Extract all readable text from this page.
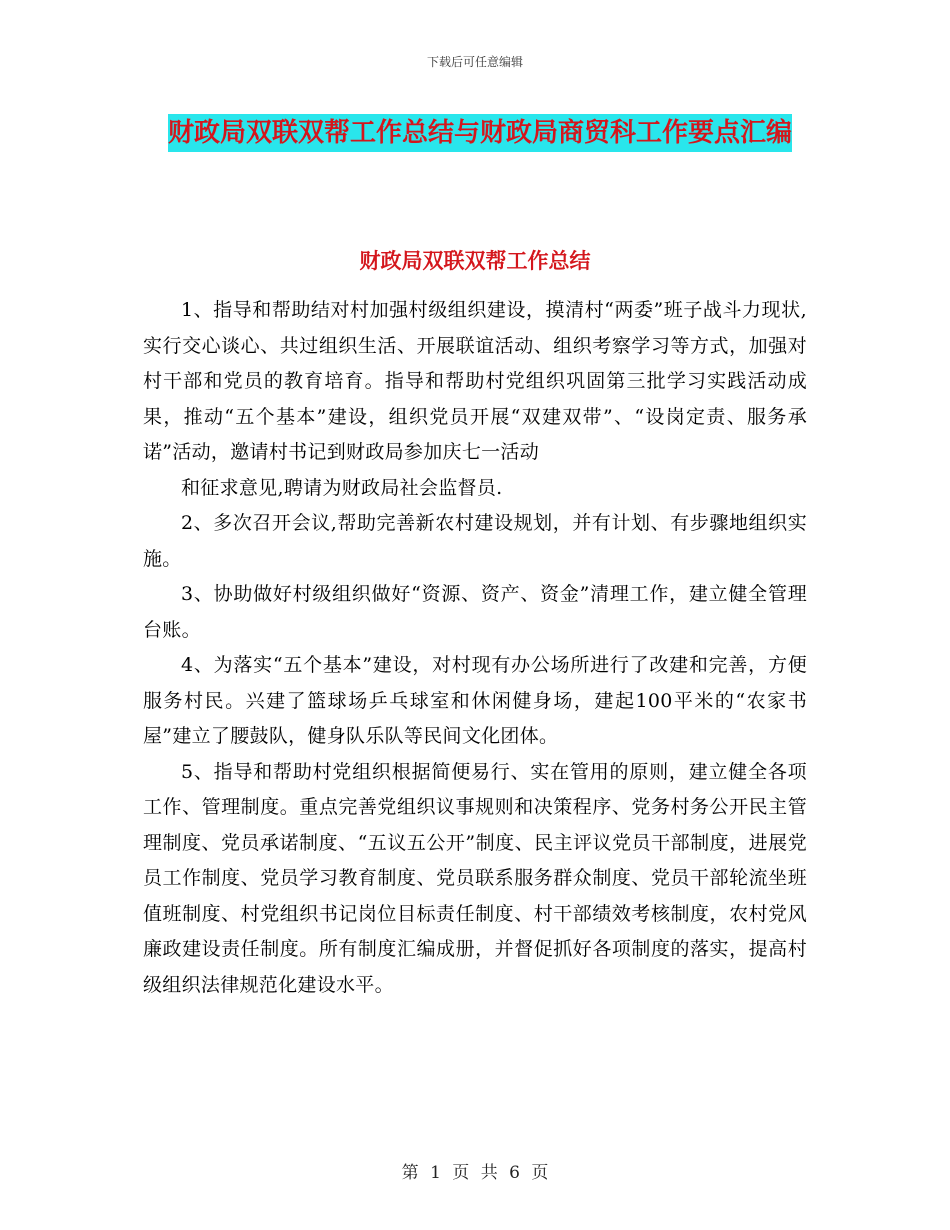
下载后可任意编辑
财政局双联双帮工作总结与财政局商贸科工作要点汇编
财政局双联双帮工作总结

1、指导和帮助结对村加强村级组织建设，摸清村“两委”班子战斗力现状,实行交心谈心、共过组织生活、开展联谊活动、组织考察学习等方式，加强对村干部和党员的教育培育。指导和帮助村党组织巩固第三批学习实践活动成果，推动“五个基本”建设，组织党员开展“双建双带”、“设岗定责、服务承诺”活动，邀请村书记到财政局参加庆七一活动

和征求意见,聘请为财政局社会监督员.

2、多次召开会议,帮助完善新农村建设规划，并有计划、有步骤地组织实施。

3、协助做好村级组织做好“资源、资产、资金”清理工作，建立健全管理台账。

4、为落实“五个基本”建设，对村现有办公场所进行了改建和完善，方便服务村民。兴建了篮球场乒乓球室和休闲健身场，建起100平米的“农家书屋”建立了腰鼓队，健身队乐队等民间文化团体。

5、指导和帮助村党组织根据简便易行、实在管用的原则，建立健全各项工作、管理制度。重点完善党组织议事规则和决策程序、党务村务公开民主管理制度、党员承诺制度、“五议五公开”制度、民主评议党员干部制度，进展党员工作制度、党员学习教育制度、党员联系服务群众制度、党员干部轮流坐班值班制度、村党组织书记岗位目标责任制度、村干部绩效考核制度，农村党风廉政建设责任制度。所有制度汇编成册，并督促抓好各项制度的落实，提高村级组织法律规范化建设水平。

第 1 页 共 6 页
